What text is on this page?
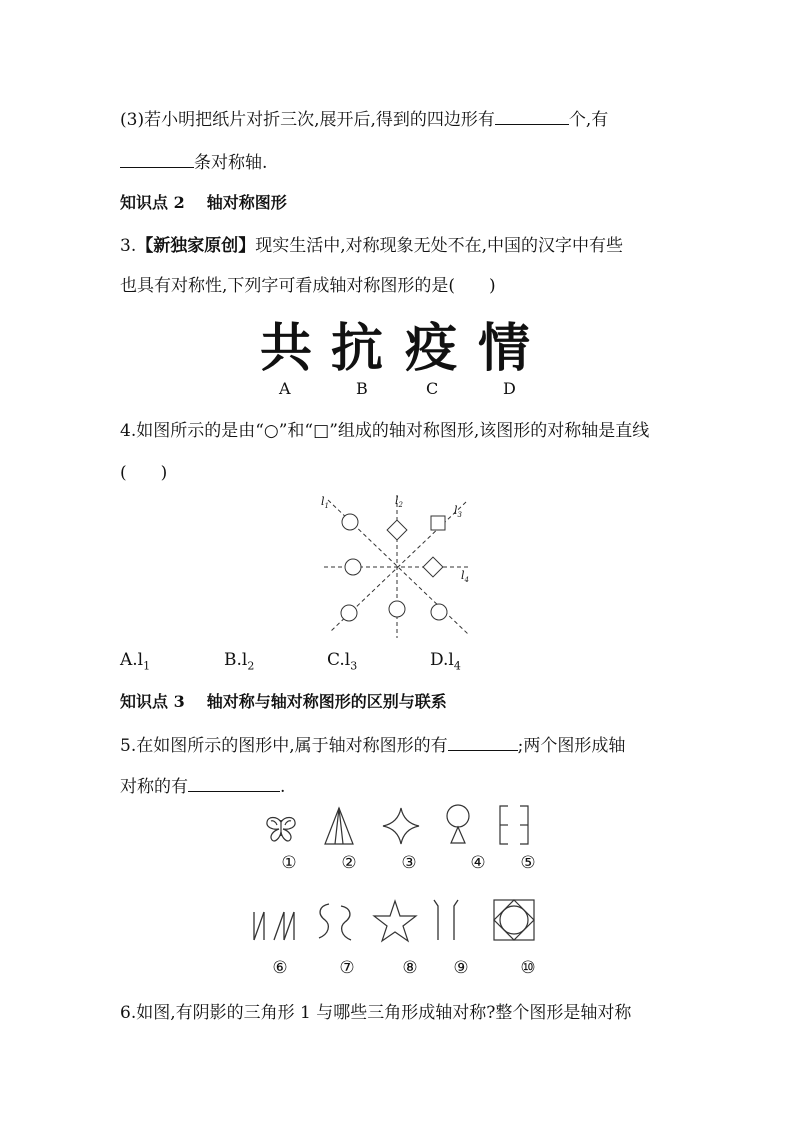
(3)若小明把纸片对折三次,展开后,得到的四边形有	个,有
条对称轴.
知识点 2 轴对称图形
3.【新独家原创】现实生活中,对称现象无处不在,中国的汉字中有些
也具有对称性,下列字可看成轴对称图形的是(　　)
共 抗 疫 情
A	B	C	D
4.如图所示的是由“○”和“□”组成的轴对称图形,该图形的对称轴是直线
(　　)
$l_1$	$l_2$	$l_3$
$l_4$
$A.l_1$	$B.l_2$	$C.l_3$	$D.l_4$
知识点 3 轴对称与轴对称图形的区别与联系
5.在如图所示的图形中,属于轴对称图形的有	;两个图形成轴
对称的有	.
①	②	③	④	⑤
⑥	⑦	⑧	⑨	⑩
6.如图,有阴影的三角形 1 与哪些三角形成轴对称?整个图形是轴对称
